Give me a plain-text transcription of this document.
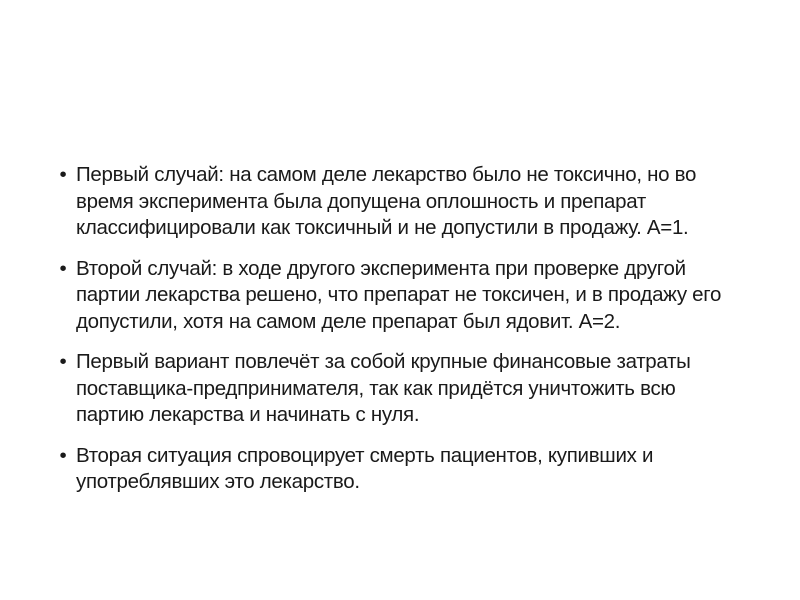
• Первый случай: на самом деле лекарство было не токсично, но во время эксперимента была допущена оплошность и препарат классифицировали как токсичный и не допустили в продажу. А=1.
• Второй случай: в ходе другого эксперимента при проверке другой партии лекарства решено, что препарат не токсичен, и в продажу его допустили, хотя на самом деле препарат был ядовит. А=2.
• Первый вариант повлечёт за собой крупные финансовые затраты поставщика-предпринимателя, так как придётся уничтожить всю партию лекарства и начинать с нуля.
• Вторая ситуация спровоцирует смерть пациентов, купивших и употреблявших это лекарство.
